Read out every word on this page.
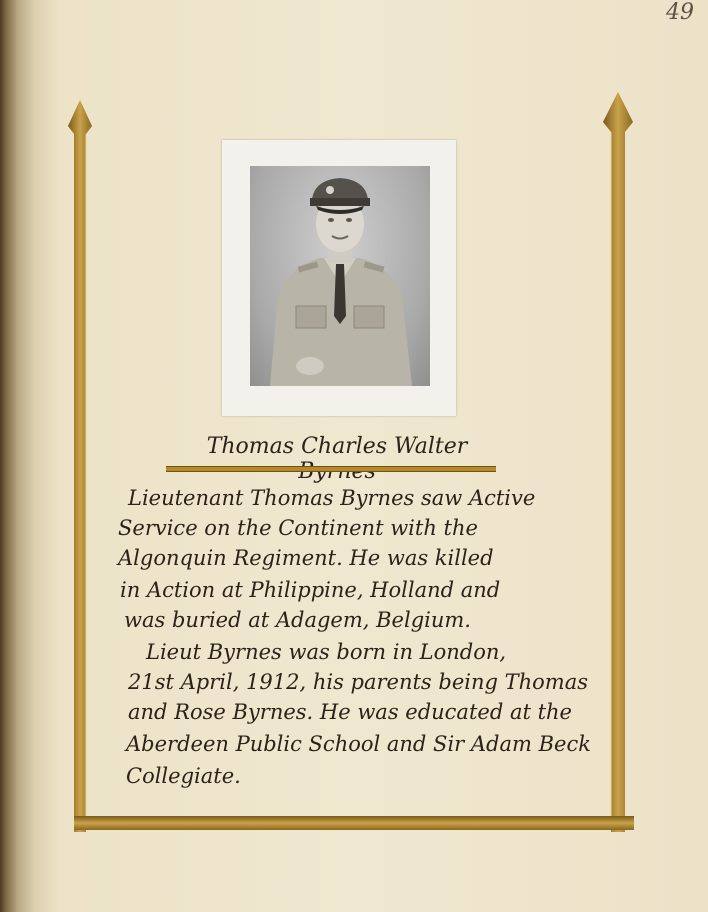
49
Thomas Charles Walter
Lieutenant Thomas Byrnes saw Active
Service on the Continent with the
Algonquin Regiment. He was killed
in Action at Philippine, Holland and
was buried at Adagem, Belgium.
Lieut Byrnes was born in London,
21st April, 1912, his parents being Thomas
and Rose Byrnes. He was educated at the
Aberdeen Public School and Sir Adam Beck
Collegiate.
